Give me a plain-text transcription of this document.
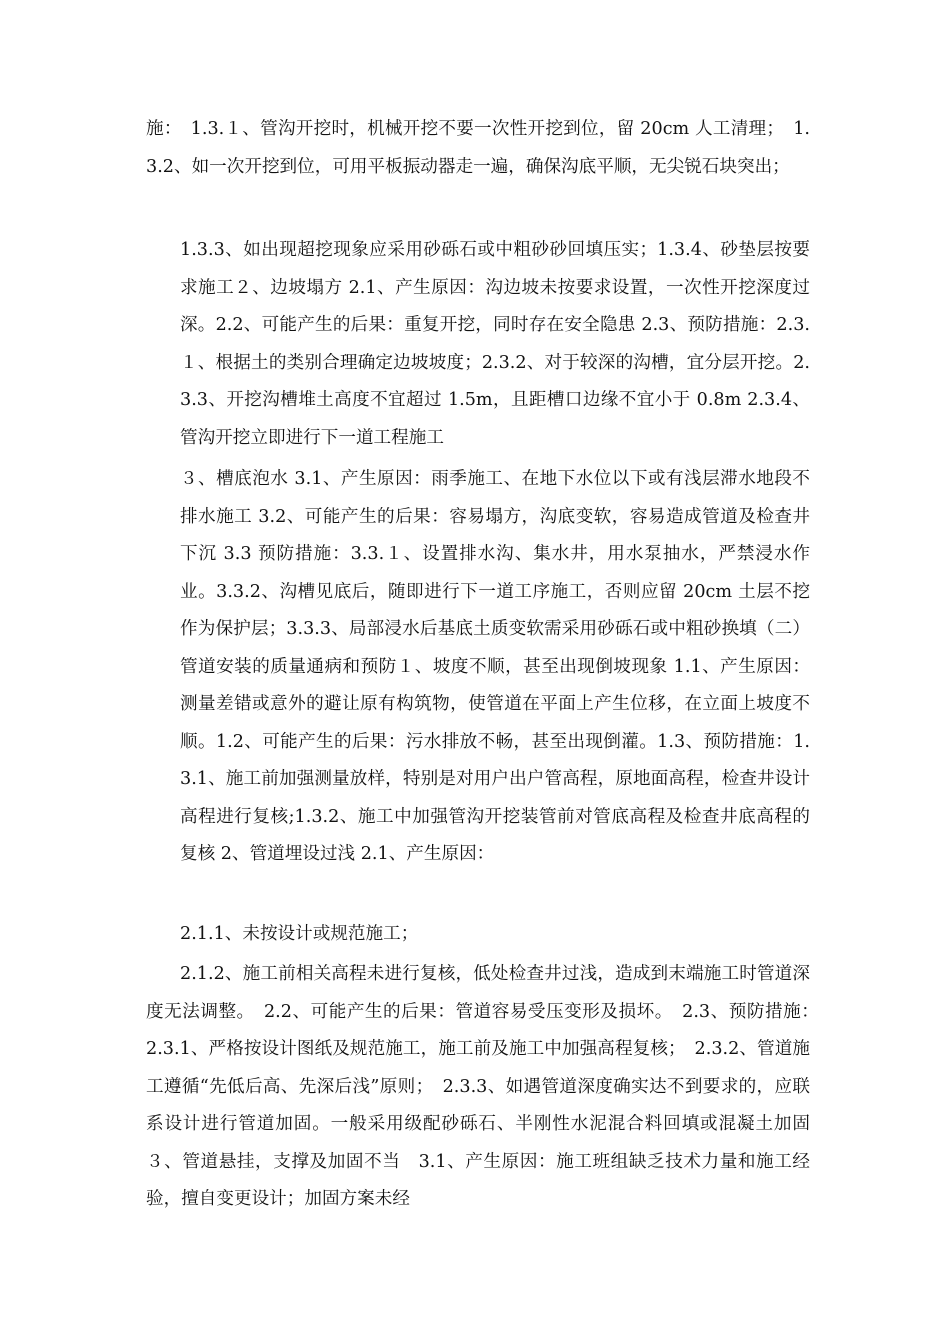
施：　1.3.１、管沟开挖时，机械开挖不要一次性开挖到位，留 20cm 人工清理；　1.3.2、如一次开挖到位，可用平板振动器走一遍，确保沟底平顺，无尖锐石块突出；

1.3.3、如出现超挖现象应采用砂砾石或中粗砂砂回填压实；1.3.4、砂垫层按要求施工２、边坡塌方 2.1、产生原因：沟边坡未按要求设置，一次性开挖深度过深。2.2、可能产生的后果：重复开挖，同时存在安全隐患 2.3、预防措施：2.3.１、根据土的类别合理确定边坡坡度；2.3.2、对于较深的沟槽，宜分层开挖。2.3.3、开挖沟槽堆土高度不宜超过 1.5m，且距槽口边缘不宜小于 0.8m 2.3.4、管沟开挖立即进行下一道工程施工

３、槽底泡水 3.1、产生原因：雨季施工、在地下水位以下或有浅层滞水地段不排水施工 3.2、可能产生的后果：容易塌方，沟底变软，容易造成管道及检查井下沉 3.3 预防措施：3.3.１、设置排水沟、集水井，用水泵抽水，严禁浸水作业。3.3.2、沟槽见底后，随即进行下一道工序施工，否则应留 20cm 土层不挖作为保护层；3.3.3、局部浸水后基底土质变软需采用砂砾石或中粗砂换填（二）管道安装的质量通病和预防１、坡度不顺，甚至出现倒坡现象 1.1、产生原因：测量差错或意外的避让原有构筑物，使管道在平面上产生位移，在立面上坡度不顺。1.2、可能产生的后果：污水排放不畅，甚至出现倒灌。1.3、预防措施：1.3.1、施工前加强测量放样，特别是对用户出户管高程，原地面高程，检查井设计高程进行复核;1.3.2、施工中加强管沟开挖装管前对管底高程及检查井底高程的复核 2、管道埋设过浅 2.1、产生原因：

2.1.1、未按设计或规范施工；

2.1.2、施工前相关高程未进行复核，低处检查井过浅，造成到末端施工时管道深度无法调整。　2.2、可能产生的后果：管道容易受压变形及损坏。　2.3、预防措施：　2.3.1、严格按设计图纸及规范施工，施工前及施工中加强高程复核；　2.3.2、管道施工遵循“先低后高、先深后浅”原则；　2.3.3、如遇管道深度确实达不到要求的，应联系设计进行管道加固。一般采用级配砂砾石、半刚性水泥混合料回填或混凝土加固　３、管道悬挂，支撑及加固不当　3.1、产生原因：施工班组缺乏技术力量和施工经验，擅自变更设计；加固方案未经
